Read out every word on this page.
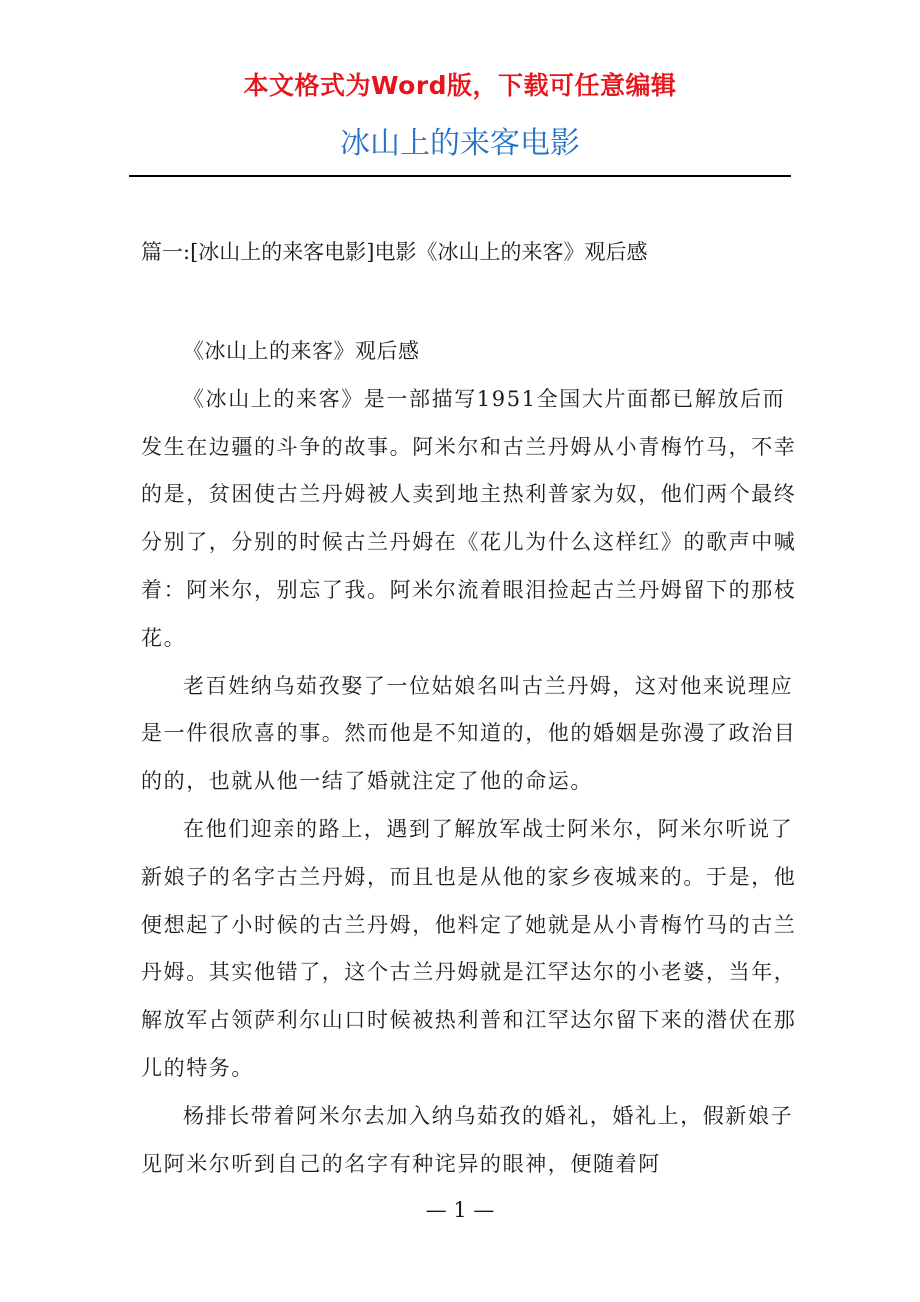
本文格式为Word版，下载可任意编辑
冰山上的来客电影
篇一:[冰山上的来客电影]电影《冰山上的来客》观后感

《冰山上的来客》观后感

《冰山上的来客》是一部描写1951全国大片面都已解放后而发生在边疆的斗争的故事。阿米尔和古兰丹姆从小青梅竹马，不幸的是，贫困使古兰丹姆被人卖到地主热利普家为奴，他们两个最终分别了，分别的时候古兰丹姆在《花儿为什么这样红》的歌声中喊着：阿米尔，别忘了我。阿米尔流着眼泪捡起古兰丹姆留下的那枝花。

老百姓纳乌茹孜娶了一位姑娘名叫古兰丹姆，这对他来说理应是一件很欣喜的事。然而他是不知道的，他的婚姻是弥漫了政治目的的，也就从他一结了婚就注定了他的命运。

在他们迎亲的路上，遇到了解放军战士阿米尔，阿米尔听说了新娘子的名字古兰丹姆，而且也是从他的家乡夜城来的。于是，他便想起了小时候的古兰丹姆，他料定了她就是从小青梅竹马的古兰丹姆。其实他错了，这个古兰丹姆就是江罕达尔的小老婆，当年，解放军占领萨利尔山口时候被热利普和江罕达尔留下来的潜伏在那儿的特务。

杨排长带着阿米尔去加入纳乌茹孜的婚礼，婚礼上，假新娘子见阿米尔听到自己的名字有种诧异的眼神，便随着阿

— 1 —
